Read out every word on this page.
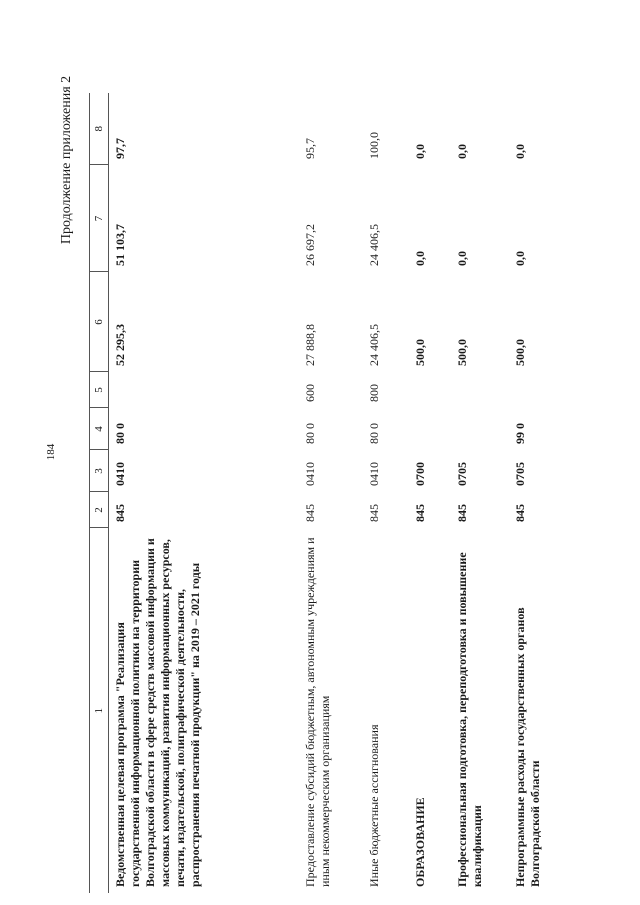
184
Продолжение приложения 2
1	2	3	4	5	6	7	8
Ведомственная целевая программа "Реализация государственной информационной политики на территории Волгоградской области в сфере средств массовой информации и массовых коммуникаций, развития информационных ресурсов, печати, издательской, полиграфической деятельности, распространения печатной продукции" на 2019 – 2021 годы	845	0410	80 0		52 295,3	51 103,7	97,7
Предоставление субсидий бюджетным, автономным учреждениям и иным некоммерческим организациям	845	0410	80 0	600	27 888,8	26 697,2	95,7
Иные бюджетные ассигнования	845	0410	80 0	800	24 406,5	24 406,5	100,0
ОБРАЗОВАНИЕ	845	0700			500,0	0,0	0,0
Профессиональная подготовка, переподготовка и повышение квалификации	845	0705			500,0	0,0	0,0
Непрограммные расходы государственных органов Волгоградской области	845	0705	99 0		500,0	0,0	0,0
